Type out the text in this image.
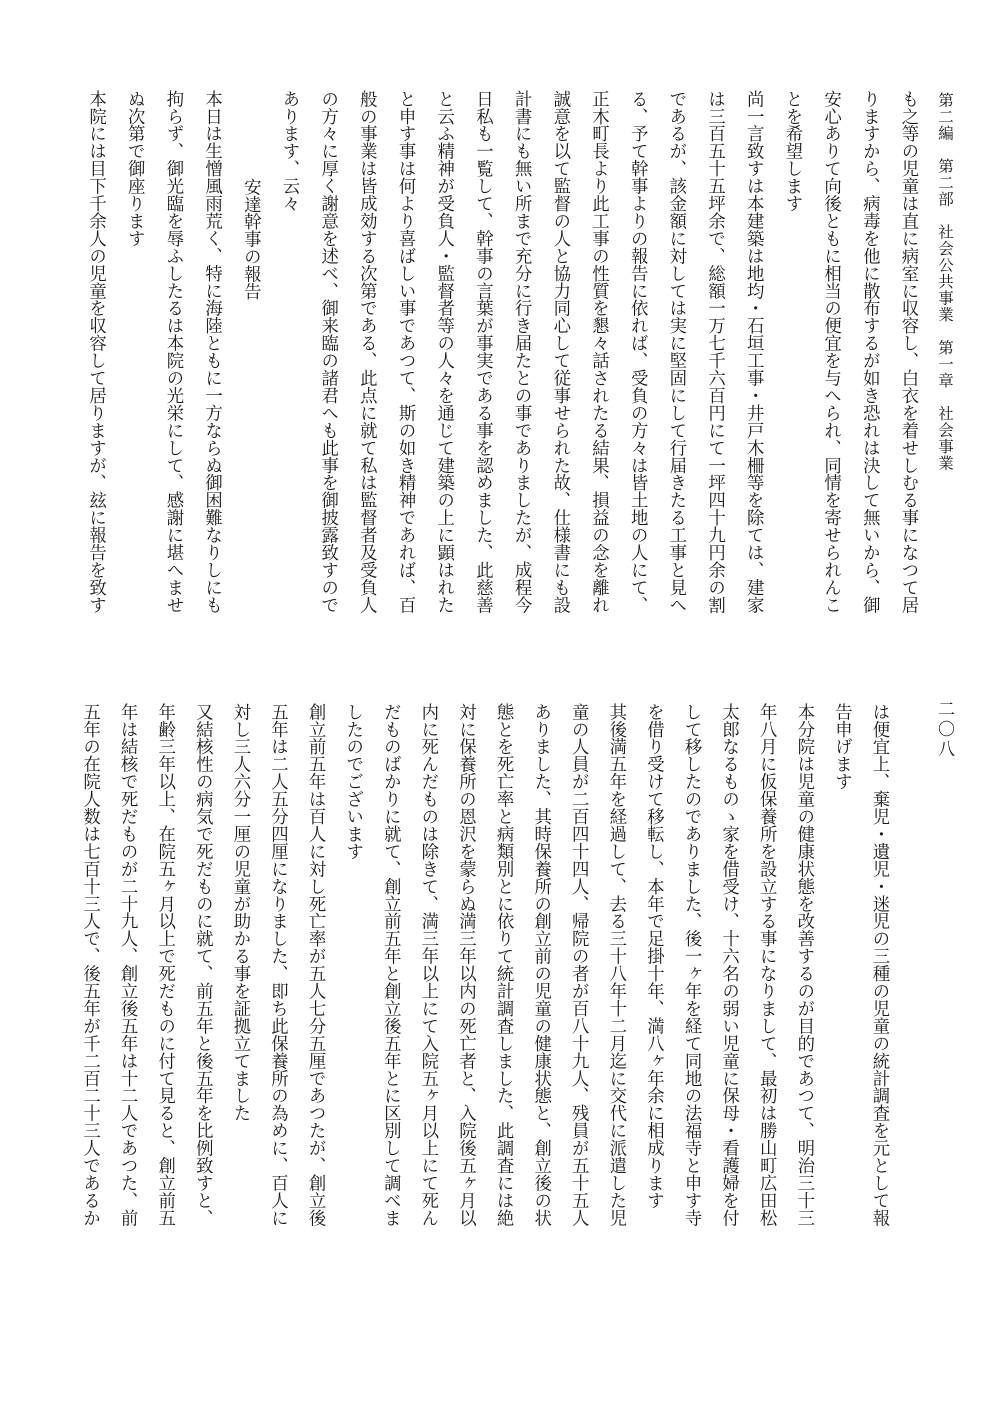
第二編　第二部　社会公共事業　第一章　社会事業
二〇八
も之等の児童は直に病室に収容し、白衣を着せしむる事になつて居
りますから、病毒を他に散布するが如き恐れは決して無いから、御
安心ありて向後ともに相当の便宜を与へられ、同情を寄せられんこ
とを希望します
尚一言致すは本建築は地均・石垣工事・井戸木柵等を除ては、建家
は三百五十五坪余で、総額一万七千六百円にて一坪四十九円余の割
であるが、該金額に対しては実に堅固にして行届きたる工事と見へ
る、予て幹事よりの報告に依れば、受負の方々は皆土地の人にて、
正木町長より此工事の性質を懇々話されたる結果、損益の念を離れ
誠意を以て監督の人と協力同心して従事せられた故、仕様書にも設
計書にも無い所まで充分に行き届たとの事でありましたが、成程今
日私も一覧して、幹事の言葉が事実である事を認めました、此慈善
と云ふ精神が受負人・監督者等の人々を通じて建築の上に顕はれた
と申す事は何より喜ばしい事であつて、斯の如き精神であれば、百
般の事業は皆成効する次第である、此点に就て私は監督者及受負人
の方々に厚く謝意を述べ、御来臨の諸君へも此事を御披露致すので
あります、云々
安達幹事の報告
本日は生憎風雨荒く、特に海陸ともに一方ならぬ御困難なりしにも
拘らず、御光臨を辱ふしたるは本院の光栄にして、感謝に堪へませ
ぬ次第で御座ります
本院には目下千余人の児童を収容して居りますが、玆に報告を致す
は便宜上、棄児・遺児・迷児の三種の児童の統計調査を元として報
告申げます
本分院は児童の健康状態を改善するのが目的であつて、明治三十三
年八月に仮保養所を設立する事になりまして、最初は勝山町広田松
太郎なるものゝ家を借受け、十六名の弱い児童に保母・看護婦を付
して移したのでありました、後一ヶ年を経て同地の法福寺と申す寺
を借り受けて移転し、本年で足掛十年、満八ヶ年余に相成ります
其後満五年を経過して、去る三十八年十二月迄に交代に派遣した児
童の人員が二百四十四人、帰院の者が百八十九人、残員が五十五人
ありました、其時保養所の創立前の児童の健康状態と、創立後の状
態とを死亡率と病類別とに依りて統計調査しました、此調査には絶
対に保養所の恩沢を蒙らぬ満三年以内の死亡者と、入院後五ヶ月以
内に死んだものは除きて、満三年以上にて入院五ヶ月以上にて死ん
だものばかりに就て、創立前五年と創立後五年とに区別して調べま
したのでございます
創立前五年は百人に対し死亡率が五人七分五厘であつたが、創立後
五年は二人五分四厘になりました、即ち此保養所の為めに、百人に
対し三人六分一厘の児童が助かる事を証拠立てました
又結核性の病気で死だものに就て、前五年と後五年を比例致すと、
年齢三年以上、在院五ヶ月以上で死だものに付て見ると、創立前五
年は結核で死だものが二十九人、創立後五年は十二人であつた、前
五年の在院人数は七百十三人で、後五年が千二百二十三人であるか
